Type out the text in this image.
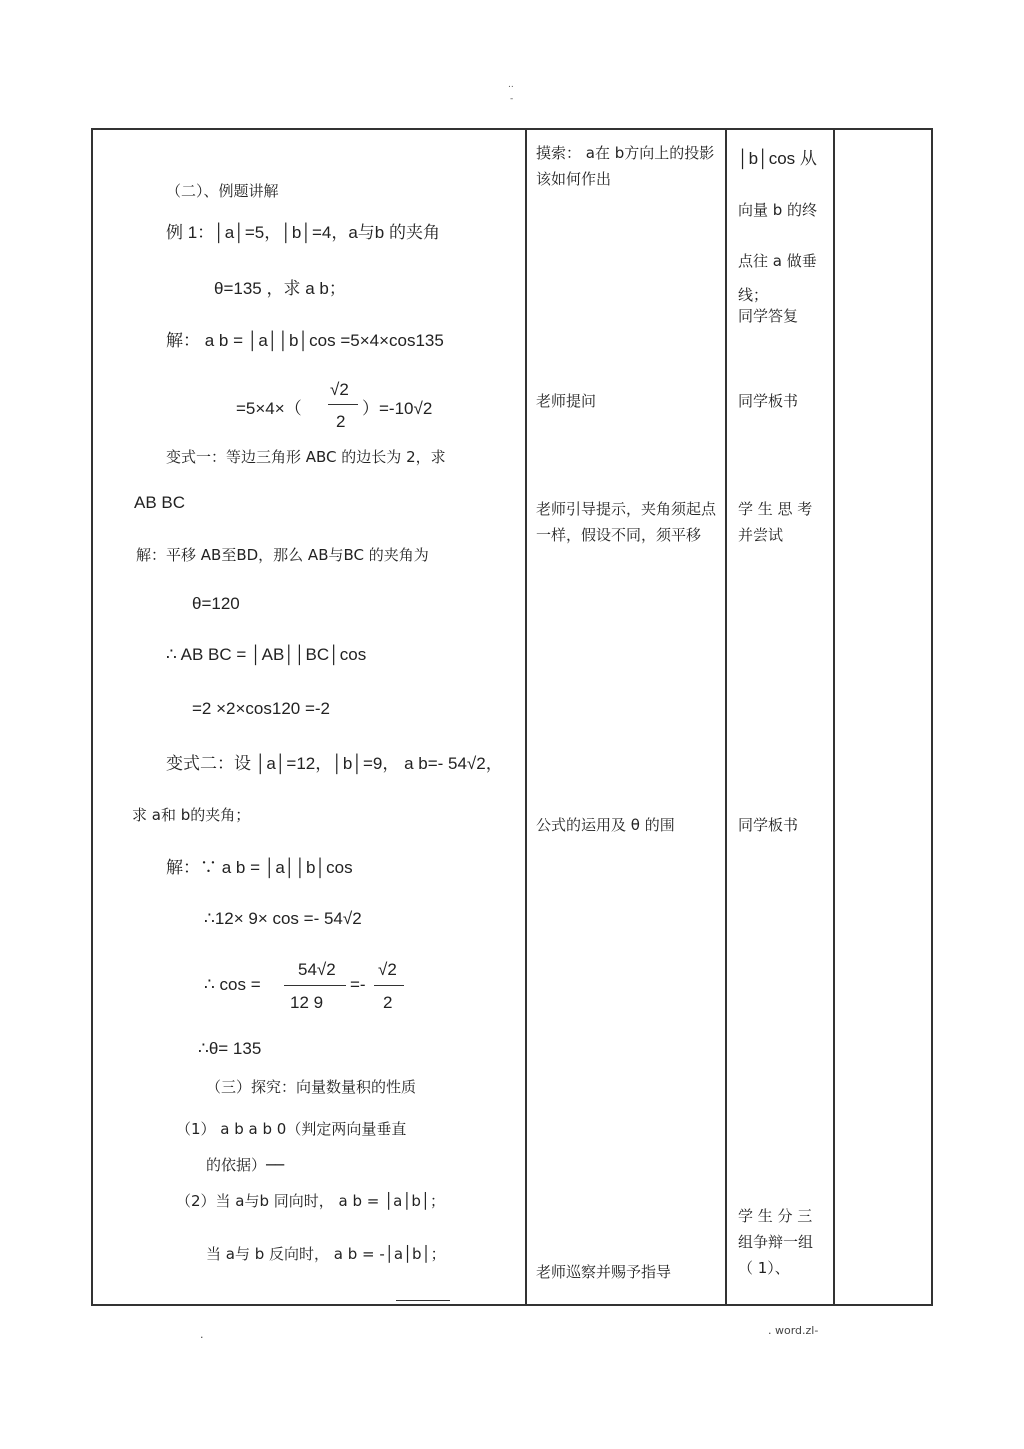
..
-
.	. word.zl-
（二）、例题讲解
例 1：│a│=5，│b│=4，a与b 的夹角
θ=135 ，求 a b；
解： a b = │a││b│cos =5×4×cos135
=5×4×（
√2
2
）=-10√2
变式一：等边三角形 ABC 的边长为 2，求
AB BC
解：平移 AB至BD，那么 AB与BC 的夹角为
θ=120
∴ AB BC = │AB││BC│cos
=2 ×2×cos120 =-2
变式二：设 │a│=12，│b│=9， a b=- 54√2，
求 a和 b的夹角；
解：∵ a b = │a││b│cos
∴12× 9× cos =- 54√2
∴ cos =
54√2
12 9
=-
√2
2
∴θ= 135
（三）探究：向量数量积的性质
（1） a b a b 0（判定两向量垂直
的依据）──
（2）当 a与b 同向时， a b = │a│b│；
当 a与 b 反向时， a b = -│a│b│；
摸索： a在 b方向上的投影该如何作出
老师提问
老师引导提示，夹角须起点一样，假设不同，须平移
公式的运用及 θ 的围
老师巡察并赐予指导
│b│cos 从
向量 b 的终
点往 a 做垂
线；
同学答复
同学板书
学 生 思 考并尝试
同学板书
学 生 分 三组争辩一组（ 1）、
